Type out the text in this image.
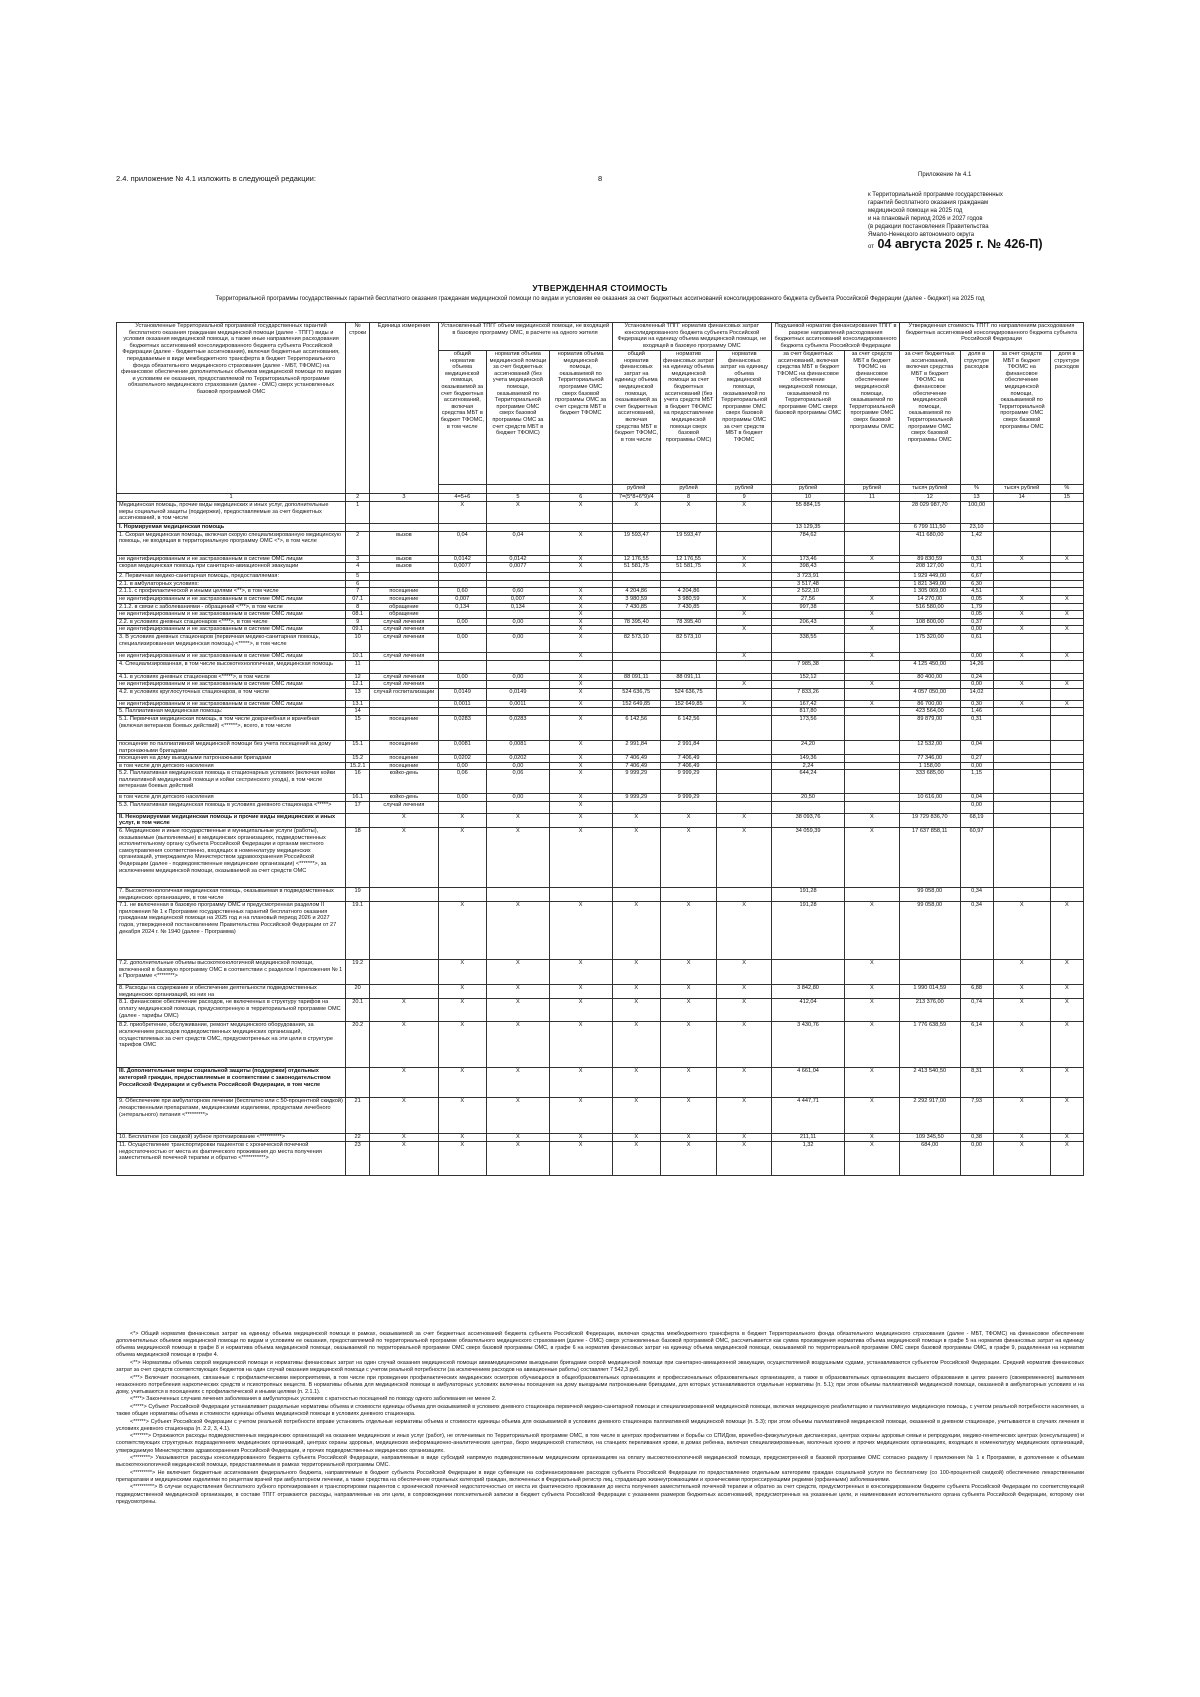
2.4. приложение № 4.1 изложить в следующей редакции:	8	Приложение № 4.1
к Территориальной программе государственных
гарантий бесплатного оказания гражданам
медицинской помощи на 2025 год
и на плановый период 2026 и 2027 годов
(в редакции постановления Правительства
Ямало-Ненецкого автономного округа
от 04 августа 2025 г. № 426-П)
УТВЕРЖДЕННАЯ СТОИМОСТЬ
Территориальной программы государственных гарантий бесплатного оказания гражданам медицинской помощи по видам и условиям ее оказания за счет бюджетных ассигнований консолидированного бюджета субъекта Российской Федерации (далее - бюджет) на 2025 год
Установленные Территориальной программой государственных гарантий бесплатного оказания гражданам медицинской помощи (далее - ТПГГ) виды и условия оказания медицинской помощи, а также иные направления расходования бюджетных ассигнований консолидированного бюджета субъекта Российской Федерации (далее - бюджетные ассигнования), включая бюджетные ассигнования, передаваемые в виде межбюджетного трансферта в бюджет Территориального фонда обязательного медицинского страхования (далее - МБТ, ТФОМС) на финансовое обеспечение дополнительных объемов медицинской помощи по видам и условиям ее оказания, предоставляемой по Территориальной программе обязательного медицинского страхования (далее - ОМС) сверх установленных базовой программой ОМС	№ строки	Единица измерения	Установленный ТПГГ объем медицинской помощи, не входящей в базовую программу ОМС, в расчете на одного жителя			Установленный ТПГГ норматив финансовых затрат консолидированного бюджета субъекта Российской Федерации на единицу объема медицинской помощи, не входящей в базовую программу ОМС			Подушевой норматив финансирования ТПГГ в разрезе направлений расходования бюджетных ассигнований консолидированного бюджета субъекта Российской Федерации		Утвержденная стоимость ТПГГ по направлениям расходования бюджетных ассигнований консолидированного бюджета субъекта Российской Федерации			
			общий норматив объема медицинской помощи, оказываемой за счет бюджетных ассигнований, включая средства МБТ в бюджет ТФОМС, в том числе	норматив объема медицинской помощи за счет бюджетных ассигнований (без учета медицинской помощи, оказываемой по Территориальной программе ОМС сверх базовой программы ОМС за счет средств МБТ в бюджет ТФОМС)	норматив объема медицинской помощи, оказываемой по Территориальной программе ОМС сверх базовой программы ОМС за счет средств МБТ в бюджет ТФОМС	общий норматив финансовых затрат на единицу объема медицинской помощи, оказываемой за счет бюджетных ассигнований, включая средства МБТ в бюджет ТФОМС, в том числе	норматив финансовых затрат на единицу объема медицинской помощи за счет бюджетных ассигнований (без учета средств МБТ в бюджет ТФОМС на предоставление медицинской помощи сверх базовой программы ОМС)	норматив финансовых затрат на единицу объема медицинской помощи, оказываемой по Территориальной программе ОМС сверх базовой программы ОМС за счет средств МБТ в бюджет ТФОМС	за счет бюджетных ассигнований, включая средства МБТ в бюджет ТФОМС на финансовое обеспечение медицинской помощи, оказываемой по Территориальной программе ОМС сверх базовой программы ОМС	за счет средств МБТ в бюджет ТФОМС на финансовое обеспечение медицинской помощи, оказываемой по Территориальной программе ОМС сверх базовой программы ОМС	за счет бюджетных ассигнований, включая средства МБТ в бюджет ТФОМС на финансовое обеспечение медицинской помощи, оказываемой по Территориальной программе ОМС сверх базовой программы ОМС	доля в структуре расходов	за счет средств МБТ в бюджет ТФОМС на финансовое обеспечение медицинской помощи, оказываемой по Территориальной программе ОМС сверх базовой программы ОМС	доля в структуре расходов
						рублей	рублей	рублей	рублей	рублей	тысяч рублей	%	тысяч рублей	%
1	2	3	4=5+6	5	6	7=(5*8+6*9)/4	8	9	10	11	12	13	14	15
Медицинская помощь, прочие виды медицинских и иных услуг, дополнительные меры социальной защиты (поддержки), предоставляемые за счет бюджетных ассигнований, в том числе	1		X	X	X	X	X	X	55 884,15		28 029 987,70	100,00		
I. Нормируемая медицинская помощь									13 129,35		6 799 111,50	23,10		
1. Скорая медицинская помощь, включая скорую специализированную медицинскую помощь, не входящая в территориальную программу ОМС <*>, в том числе	2	вызов	0,04	0,04	X	19 593,47	19 593,47		784,62		411 680,00	1,42		
не идентифицированным и не застрахованным в системе ОМС лицам	3	вызов	0,0142	0,0142	X	12 176,55	12 176,55	X	173,46	X	89 830,59	0,31	X	X
скорая медицинская помощь при санитарно-авиационной эвакуации	4	вызов	0,0077	0,0077	X	51 581,75	51 581,75	X	398,43		208 127,00	0,71		
2. Первичная медико-санитарная помощь, предоставляемая:	5								3 723,91		1 929 449,00	6,67		
2.1. в амбулаторных условиях:	6								3 517,48		1 821 349,00	6,30		
2.1.1. с профилактической и иными целями <**>, в том числе	7	посещение	0,60	0,60	X	4 204,86	4 204,86		2 522,10		1 305 069,00	4,51		
не идентифицированным и не застрахованным в системе ОМС лицам	07.1	посещение	0,007	0,007	X	3 980,59	3 980,59	X	27,56	X	14 270,00	0,05	X	X
2.1.2. в связи с заболеваниями - обращений <***>, в том числе	8	обращение	0,134	0,134	X	7 430,85	7 430,85		997,38		516 580,00	1,79		
не идентифицированным и не застрахованным в системе ОМС лицам	08.1	обращение			X			X		X		0,05	X	X
2.2. в условиях дневных стационаров <****>, в том числе	9	случай лечения	0,00	0,00	X	78 395,40	78 395,40		206,43		108 800,00	0,37		
не идентифицированным и не застрахованным в системе ОМС лицам	09.1	случай лечения			X			X		X		0,00	X	X
3. В условиях дневных стационаров (первичная медико-санитарная помощь, специализированная медицинская помощь) <*****>, в том числе	10	случай лечения	0,00	0,00	X	82 573,10	82 573,10		338,55		175 320,00	0,61		
не идентифицированным и не застрахованным в системе ОМС лицам	10.1	случай лечения			X			X		X		0,00	X	X
4. Специализированная, в том числе высокотехнологичная, медицинская помощь	11								7 985,38		4 125 450,00	14,26		
4.1. в условиях дневных стационаров <*****>, в том числе	12	случай лечения	0,00	0,00	X	88 091,11	88 091,11		152,12		80 400,00	0,24		
не идентифицированным и не застрахованным в системе ОМС лицам	12.1	случай лечения			X			X		X		0,00	X	X
4.2. в условиях круглосуточных стационаров, в том числе	13	случай госпитализации	0,0149	0,0149	X	524 636,75	524 636,75		7 833,26		4 057 050,00	14,02		
не идентифицированным и не застрахованным в системе ОМС лицам	13.1		0,0011	0,0011	X	152 649,85	152 649,85	X	167,42	X	86 700,00	0,30	X	X
5. Паллиативная медицинская помощь:	14								817,80		423 564,00	1,46		
5.1. Первичная медицинская помощь, в том числе доврачебная и врачебная (включая ветеранов боевых действий) <******>, всего, в том числе	15	посещение	0,0283	0,0283	X	6 142,56	6 142,56		173,56		89 879,00	0,31		
посещение по паллиативной медицинской помощи без учета посещений на дому патронажными бригадами	15.1	посещение	0,0081	0,0081	X	2 991,84	2 991,84		24,20		12 532,00	0,04		
посещения на дому выездными патронажными бригадами	15.2	посещение	0,0202	0,0202	X	7 406,49	7 406,49		149,36		77 346,00	0,27		
в том числе для детского населения	15.2.1	посещение	0,00	0,00	X	7 406,49	7 406,49		2,24		1 158,00	0,00		
5.2. Паллиативная медицинская помощь в стационарных условиях (включая койки паллиативной медицинской помощи и койки сестринского ухода), в том числе ветеранам боевых действий	16	койко-день	0,06	0,06	X	9 999,29	9 999,29		644,24		333 685,00	1,15		
в том числе для детского населения	16.1	койко-день	0,00	0,00	X	9 999,29	9 999,29		20,50		10 616,00	0,04		
5.3. Паллиативная медицинская помощь в условиях дневного стационара <*****>	17	случай лечения			X							0,00		
II. Ненормируемая медицинская помощь и прочие виды медицинских и иных услуг, в том числе		X	X	X	X	X	X	X	38 093,76	X	19 729 836,70	68,19		
6. Медицинские и иные государственные и муниципальные услуги (работы), оказываемые (выполняемые) в медицинских организациях, подведомственных исполнительному органу субъекта Российской Федерации и органам местного самоуправления соответственно, входящих в номенклатуру медицинских организаций, утверждаемую Министерством здравоохранения Российской Федерации (далее - подведомственные медицинские организации) <*******>, за исключением медицинской помощи, оказываемой за счет средств ОМС	18	X	X	X	X	X	X	X	34 059,39	X	17 637 858,11	60,97		
7. Высокотехнологичная медицинская помощь, оказываемая в подведомственных медицинских организациях, в том числе	19								191,28		99 058,00	0,34		
7.1. не включенная в базовую программу ОМС и предусмотренная разделом II приложения № 1 к Программе государственных гарантий бесплатного оказания гражданам медицинской помощи на 2025 год и на плановый период 2026 и 2027 годов, утвержденной постановлением Правительства Российской Федерации от 27 декабря 2024 г. № 1940 (далее - Программа)	19.1		X	X	X	X	X	X	191,28	X	99 058,00	0,34	X	X
7.2. дополнительные объемы высокотехнологичной медицинской помощи, включенной в базовую программу ОМС в соответствии с разделом I приложения № 1 к Программе <********>	19.2		X	X	X	X	X	X		X			X	X
8. Расходы на содержание и обеспечение деятельности подведомственных медицинских организаций, из них на	20		X	X	X	X	X	X	3 842,80	X	1 990 014,59	6,88	X	X
8.1. финансовое обеспечение расходов, не включенных в структуру тарифов на оплату медицинской помощи, предусмотренную в территориальной программе ОМС (далее - тарифы ОМС)	20.1	X	X	X	X	X	X	X	412,04	X	213 376,00	0,74	X	X
8.2. приобретение, обслуживание, ремонт медицинского оборудования, за исключением расходов подведомственных медицинских организаций, осуществляемых за счет средств ОМС, предусмотренных на эти цели в структуре тарифов ОМС	20.2	X	X	X	X	X	X	X	3 430,76	X	1 776 638,59	6,14	X	X
III. Дополнительные меры социальной защиты (поддержки) отдельных категорий граждан, предоставляемые в соответствии с законодательством Российской Федерации и субъекта Российской Федерации, в том числе		X	X	X	X	X	X	X	4 661,04	X	2 413 540,50	8,31	X	X
9. Обеспечение при амбулаторном лечении (бесплатно или с 50-процентной скидкой) лекарственными препаратами, медицинскими изделиями, продуктами лечебного (энтерального) питания <*********>	21	X	X	X	X	X	X	X	4 447,71	X	2 292 917,00	7,93	X	X
10. Бесплатное (со скидкой) зубное протезирование <**********>	22	X	X	X	X	X	X	X	211,11	X	109 345,50	0,38	X	X
11. Осуществление транспортировки пациентов с хронической почечной недостаточностью от места их фактического проживания до места получения заместительной почечной терапии и обратно <***********>	23	X	X	X	X	X	X	X	1,32	X	684,00	0,00	X	X

<*> Общий норматив финансовых затрат на единицу объема медицинской помощи в рамках, оказываемой за счет бюджетных ассигнований бюджета субъекта Российской Федерации, включая средства межбюджетного трансферта в бюджет Территориального фонда обязательного медицинского страхования (далее - МБТ, ТФОМС) на финансовое обеспечение дополнительных объемов медицинской помощи по видам и условиям ее оказания, предоставляемой по территориальной программе обязательного медицинского страхования (далее - ОМС) сверх установленных базовой программой ОМС, рассчитывается как сумма произведения норматива объема медицинской помощи в графе 5 на норматив финансовых затрат на единицу объема медицинской помощи в графе 8 и норматива объема медицинской помощи, оказываемой по территориальной программе ОМС сверх базовой программы ОМС, в графе 6 на норматив финансовых затрат на единицу объема медицинской помощи, оказываемой по территориальной программе ОМС сверх базовой программы ОМС, в графе 9, разделенная на норматив объема медицинской помощи в графе 4.

<**> Нормативы объема скорой медицинской помощи и нормативы финансовых затрат на один случай оказания медицинской помощи авиамедицинскими выездными бригадами скорой медицинской помощи при санитарно-авиационной эвакуации, осуществляемой воздушными судами, устанавливаются субъектом Российской Федерации. Средний норматив финансовых затрат за счет средств соответствующих бюджетов на один случай оказания медицинской помощи с учетом реальной потребности (за исключением расходов на авиационные работы) составляет 7 542,3 руб.

<***> Включает посещения, связанные с профилактическими мероприятиями, в том числе при проведении профилактических медицинских осмотров обучающихся в общеобразовательных организациях и профессиональных образовательных организациях, а также в образовательных организациях высшего образования в целях раннего (своевременного) выявления незаконного потребления наркотических средств и психотропных веществ. В нормативы объема для медицинской помощи в амбулаторных условиях включены посещения на дому выездными патронажными бригадами, для которых устанавливаются отдельные нормативы (п. 5.1); при этом объемы паллиативной медицинской помощи, оказанной в амбулаторных условиях и на дому, учитываются в посещениях с профилактической и иными целями (п. 2.1.1).

<****> Законченных случаев лечения заболевания в амбулаторных условиях с кратностью посещений по поводу одного заболевания не менее 2.

<*****> Субъект Российской Федерации устанавливает раздельные нормативы объема и стоимости единицы объема для оказываемой в условиях дневного стационара первичной медико-санитарной помощи и специализированной медицинской помощи, включая медицинскую реабилитацию и паллиативную медицинскую помощь, с учетом реальной потребности населения, а также общие нормативы объема и стоимости единицы объема медицинской помощи в условиях дневного стационара.

<******> Субъект Российской Федерации с учетом реальной потребности вправе установить отдельные нормативы объема и стоимости единицы объема для оказываемой в условиях дневного стационара паллиативной медицинской помощи (п. 5.3); при этом объемы паллиативной медицинской помощи, оказанной в дневном стационаре, учитываются в случаях лечения в условиях дневного стационара (п. 2.2, 3, 4.1).

<*******> Отражаются расходы подведомственных медицинских организаций на оказание медицинских и иных услуг (работ), не отличаемых по Территориальной программе ОМС, в том числе в центрах профилактики и борьбы со СПИДом, врачебно-физкультурных диспансерах, центрах охраны здоровья семьи и репродукции, медико-генетических центрах (консультациях) и соответствующих структурных подразделениях медицинских организаций, центрах охраны здоровья, медицинских информационно-аналитических центрах, бюро медицинской статистики, на станциях переливания крови, в домах ребенка, включая специализированные, молочных кухнях и прочих медицинских организациях, входящих в номенклатуру медицинских организаций, утверждаемую Министерством здравоохранения Российской Федерации, и прочих подведомственных медицинских организациях.

<********> Указываются расходы консолидированного бюджета субъекта Российской Федерации, направляемые в виде субсидий напрямую подведомственным медицинским организациям на оплату высокотехнологичной медицинской помощи, предусмотренной в базовой программе ОМС согласно разделу I приложения № 1 к Программе, в дополнение к объемам высокотехнологичной медицинской помощи, предоставляемым в рамках территориальной программы ОМС.

<*********> Не включает бюджетные ассигнования федерального бюджета, направляемые в бюджет субъекта Российской Федерации в виде субвенции на софинансирование расходов субъекта Российской Федерации по предоставлению отдельным категориям граждан социальной услуги по бесплатному (со 100-процентной скидкой) обеспечению лекарственными препаратами и медицинскими изделиями по рецептам врачей при амбулаторном лечении, а также средства на обеспечение отдельных категорий граждан, включенных в Федеральный регистр лиц, страдающих жизнеугрожающими и хроническими прогрессирующими редкими (орфанными) заболеваниями.

<**********> В случае осуществления бесплатного зубного протезирования и транспортировки пациентов с хронической почечной недостаточностью от места их фактического проживания до места получения заместительной почечной терапии и обратно за счет средств, предусмотренных в консолидированном бюджете субъекта Российской Федерации по соответствующей подведомственной медицинской организации, в составе ТПГГ отражаются расходы, направляемые на эти цели, в сопровождении пояснительной записки в бюджет субъекта Российской Федерации с указанием размеров бюджетных ассигнований, предусмотренных на указанные цели, и наименования исполнительного органа субъекта Российской Федерации, которому они предусмотрены.
